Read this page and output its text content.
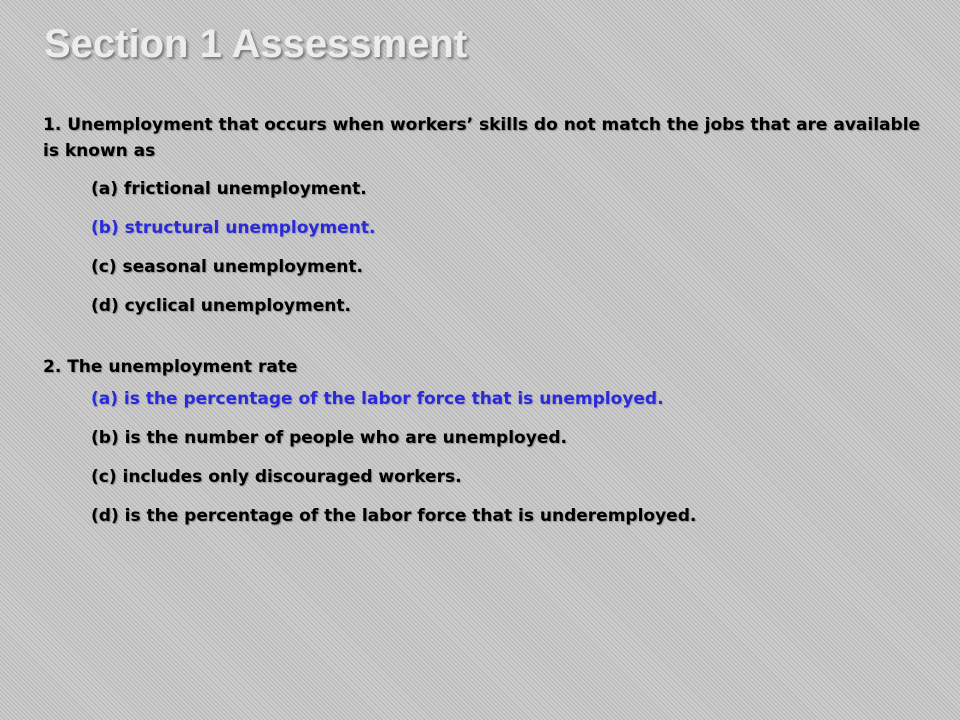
Section 1 Assessment

1. Unemployment that occurs when workers’ skills do not match the jobs that are available is known as

(a) frictional unemployment.

(b) structural unemployment.

(c) seasonal unemployment.

(d) cyclical unemployment.

2. The unemployment rate

(a) is the percentage of the labor force that is unemployed.

(b) is the number of people who are unemployed.

(c) includes only discouraged workers.

(d) is the percentage of the labor force that is underemployed.
